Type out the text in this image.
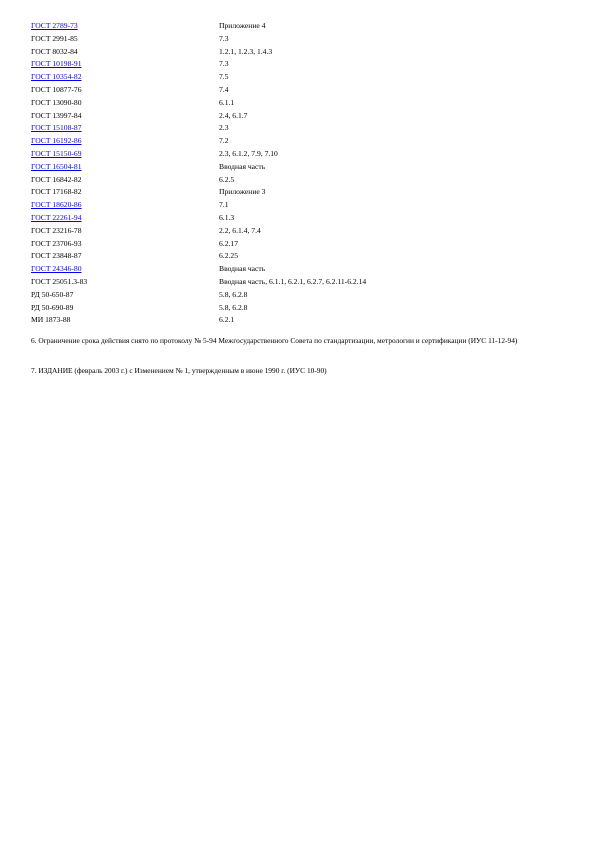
ГОСТ 2789-73	Приложение 4
ГОСТ 2991-85	7.3
ГОСТ 8032-84	1.2.1, 1.2.3, 1.4.3
ГОСТ 10198-91	7.3
ГОСТ 10354-82	7.5
ГОСТ 10877-76	7.4
ГОСТ 13090-80	6.1.1
ГОСТ 13997-84	2.4, 6.1.7
ГОСТ 15108-87	2.3
ГОСТ 16192-86	7.2
ГОСТ 15150-69	2.3, 6.1.2, 7.9, 7.10
ГОСТ 16504-81	Вводная часть
ГОСТ 16842-82	6.2.5
ГОСТ 17168-82	Приложение 3
ГОСТ 18620-86	7.1
ГОСТ 22261-94	6.1.3
ГОСТ 23216-78	2.2, 6.1.4, 7.4
ГОСТ 23706-93	6.2.17
ГОСТ 23848-87	6.2.25
ГОСТ 24346-80	Вводная часть
ГОСТ 25051.3-83	Вводная часть, 6.1.1, 6.2.1, 6.2.7, 6.2.11-6.2.14
РД 50-650-87	5.8, 6.2.8
РД 50-690-89	5.8, 6.2.8
МИ 1873-88	6.2.1
6. Ограничение срока действия снято по протоколу № 5-94 Межгосударственного Совета по стандартизации, метрологии и сертификации (ИУС 11-12-94)
7. ИЗДАНИЕ (февраль 2003 г.) с Изменением № 1, утвержденным в июне 1990 г. (ИУС 10-90)
